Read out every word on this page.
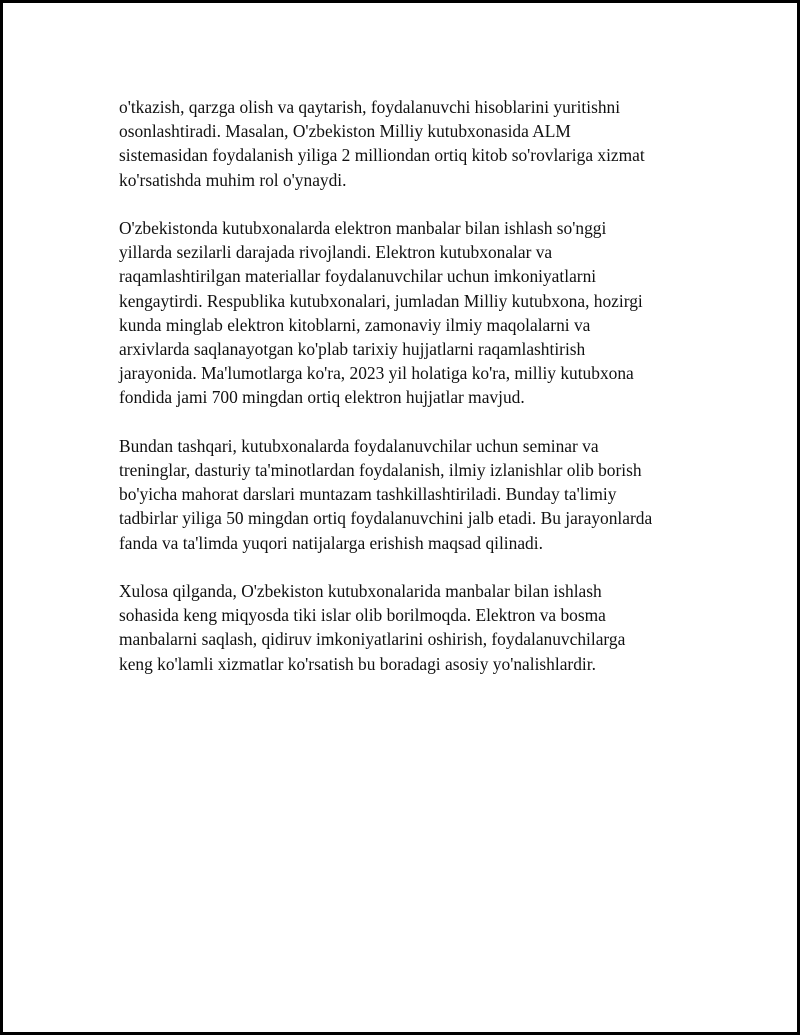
o'tkazish, qarzga olish va qaytarish, foydalanuvchi hisoblarini yuritishni
osonlashtiradi. Masalan, O'zbekiston Milliy kutubxonasida ALM
sistemasidan foydalanish yiliga 2 milliondan ortiq kitob so'rovlariga xizmat
ko'rsatishda muhim rol o'ynaydi.

O'zbekistonda kutubxonalarda elektron manbalar bilan ishlash so'nggi
yillarda sezilarli darajada rivojlandi. Elektron kutubxonalar va
raqamlashtirilgan materiallar foydalanuvchilar uchun imkoniyatlarni
kengaytirdi. Respublika kutubxonalari, jumladan Milliy kutubxona, hozirgi
kunda minglab elektron kitoblarni, zamonaviy ilmiy maqolalarni va
arxivlarda saqlanayotgan ko'plab tarixiy hujjatlarni raqamlashtirish
jarayonida. Ma'lumotlarga ko'ra, 2023 yil holatiga ko'ra, milliy kutubxona
fondida jami 700 mingdan ortiq elektron hujjatlar mavjud.

Bundan tashqari, kutubxonalarda foydalanuvchilar uchun seminar va
treninglar, dasturiy ta'minotlardan foydalanish, ilmiy izlanishlar olib borish
bo'yicha mahorat darslari muntazam tashkillashtiriladi. Bunday ta'limiy
tadbirlar yiliga 50 mingdan ortiq foydalanuvchini jalb etadi. Bu jarayonlarda
fanda va ta'limda yuqori natijalarga erishish maqsad qilinadi.

Xulosa qilganda, O'zbekiston kutubxonalarida manbalar bilan ishlash
sohasida keng miqyosda tiki islar olib borilmoqda. Elektron va bosma
manbalarni saqlash, qidiruv imkoniyatlarini oshirish, foydalanuvchilarga
keng ko'lamli xizmatlar ko'rsatish bu boradagi asosiy yo'nalishlardir.
